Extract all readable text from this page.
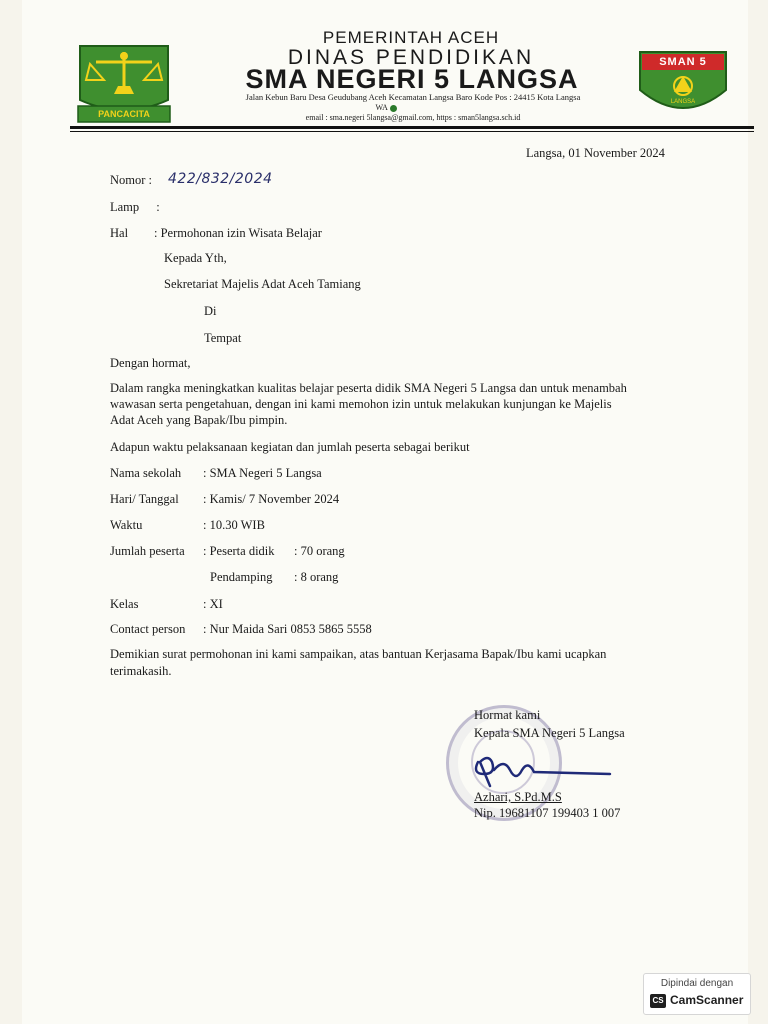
PANCACITA
PEMERINTAH ACEH
DINAS PENDIDIKAN
SMA NEGERI 5 LANGSA
Jalan Kebun Baru Desa Geudubang Aceh Kecamatan Langsa Baro Kode Pos : 24415 Kota Langsa
WA
email : sma.negeri 5langsa@gmail.com, https : sman5langsa.sch.id
SMAN 5
LANGSA
Langsa, 01 November 2024
Nomor : 422/832/2024
Lamp :
Hal : Permohonan izin Wisata Belajar
Kepada Yth,
Sekretariat Majelis Adat Aceh Tamiang
Di
Tempat
Dengan hormat,
Dalam rangka meningkatkan kualitas belajar peserta didik SMA Negeri 5 Langsa dan untuk menambah
wawasan serta pengetahuan, dengan ini kami memohon izin untuk melakukan kunjungan ke Majelis
Adat Aceh yang Bapak/Ibu pimpin.
Adapun waktu pelaksanaan kegiatan dan jumlah peserta sebagai berikut
Nama sekolah : SMA Negeri 5 Langsa
Hari/ Tanggal : Kamis/ 7 November 2024
Waktu	: 10.30 WIB
Jumlah peserta : Peserta didik : 70 orang
Pendamping : 8 orang
Kelas	: XI
Contact person : Nur Maida Sari 0853 5865 5558
Demikian surat permohonan ini kami sampaikan, atas bantuan Kerjasama Bapak/Ibu kami ucapkan
terimakasih.
Hormat kami
Kepala SMA Negeri 5 Langsa
Azhari, S.Pd.M.S
Nip. 19681107 199403 1 007
Dipindai dengan
CS CamScanner
